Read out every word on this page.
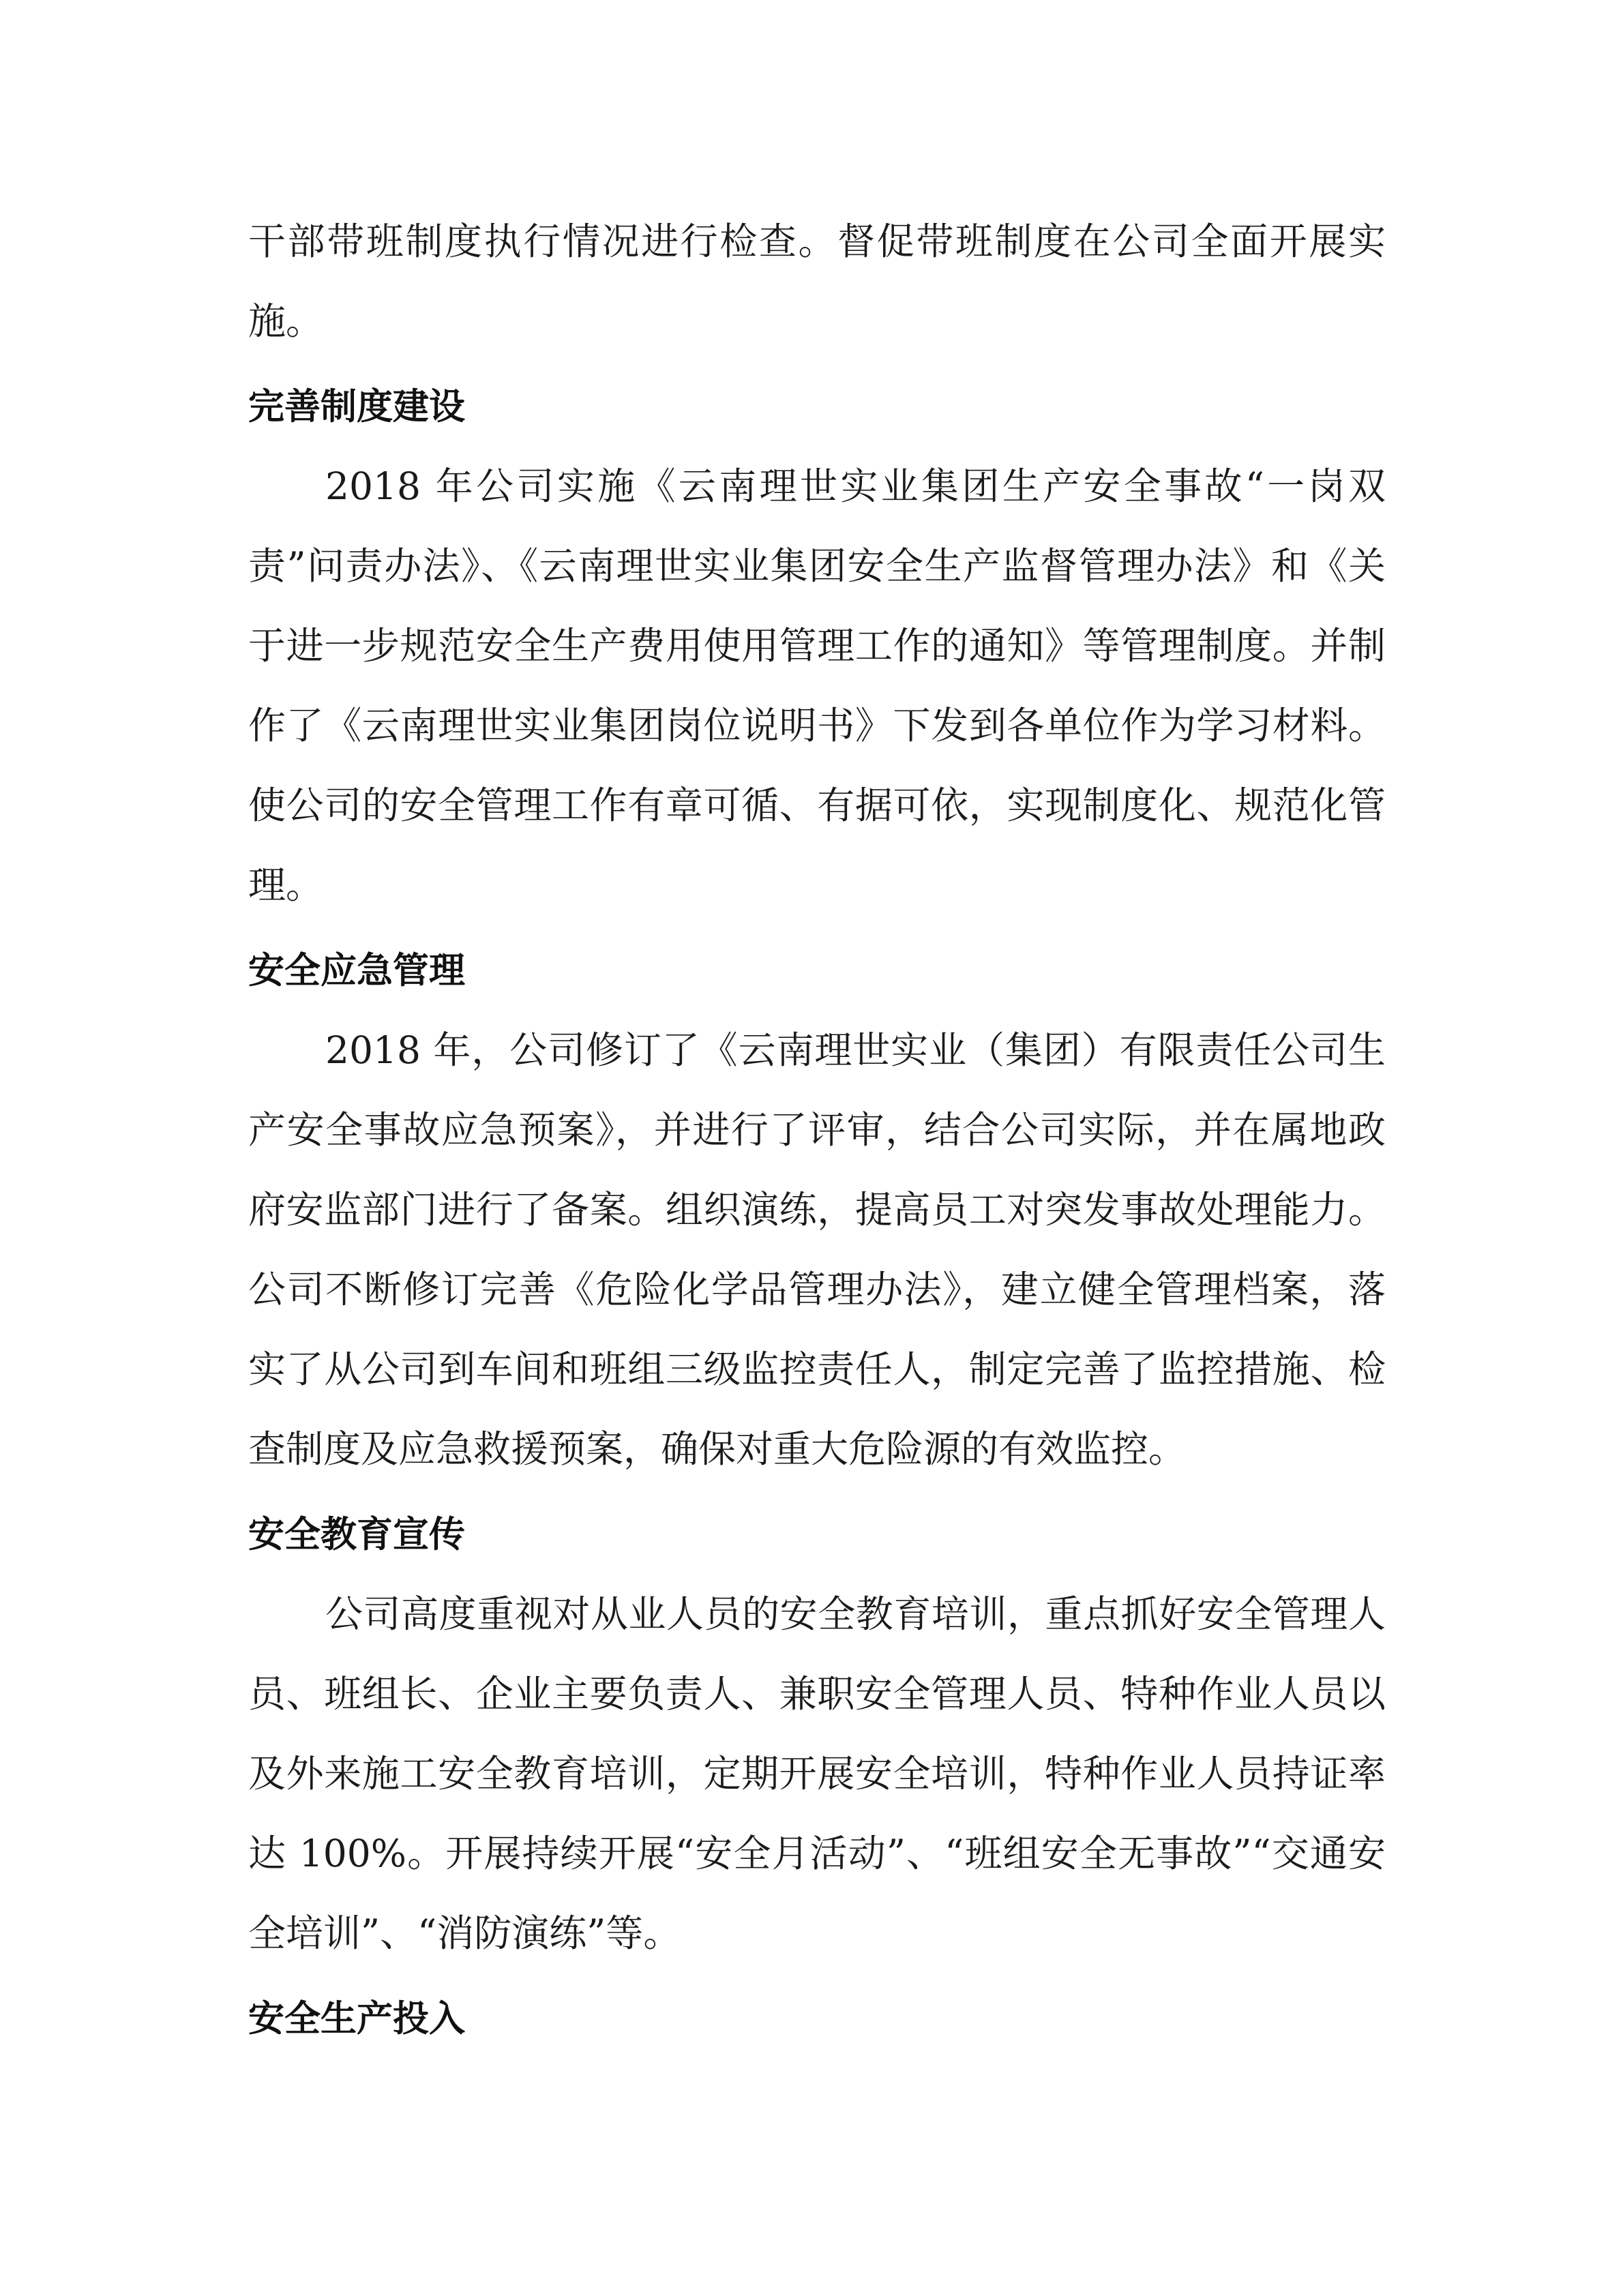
干部带班制度执行情况进行检查。督促带班制度在公司全面开展实施。

完善制度建设

2018 年公司实施《云南理世实业集团生产安全事故“一岗双责”问责办法》、《云南理世实业集团安全生产监督管理办法》和《关于进一步规范安全生产费用使用管理工作的通知》等管理制度。并制作了《云南理世实业集团岗位说明书》下发到各单位作为学习材料。使公司的安全管理工作有章可循、有据可依，实现制度化、规范化管理。

安全应急管理

2018 年，公司修订了《云南理世实业（集团）有限责任公司生产安全事故应急预案》，并进行了评审，结合公司实际，并在属地政府安监部门进行了备案。组织演练，提高员工对突发事故处理能力。公司不断修订完善《危险化学品管理办法》，建立健全管理档案，落实了从公司到车间和班组三级监控责任人，制定完善了监控措施、检查制度及应急救援预案，确保对重大危险源的有效监控。

安全教育宣传

公司高度重视对从业人员的安全教育培训，重点抓好安全管理人员、班组长、企业主要负责人、兼职安全管理人员、特种作业人员以及外来施工安全教育培训，定期开展安全培训，特种作业人员持证率达 100%。开展持续开展“安全月活动”、“班组安全无事故”“交通安全培训”、“消防演练”等。

安全生产投入
